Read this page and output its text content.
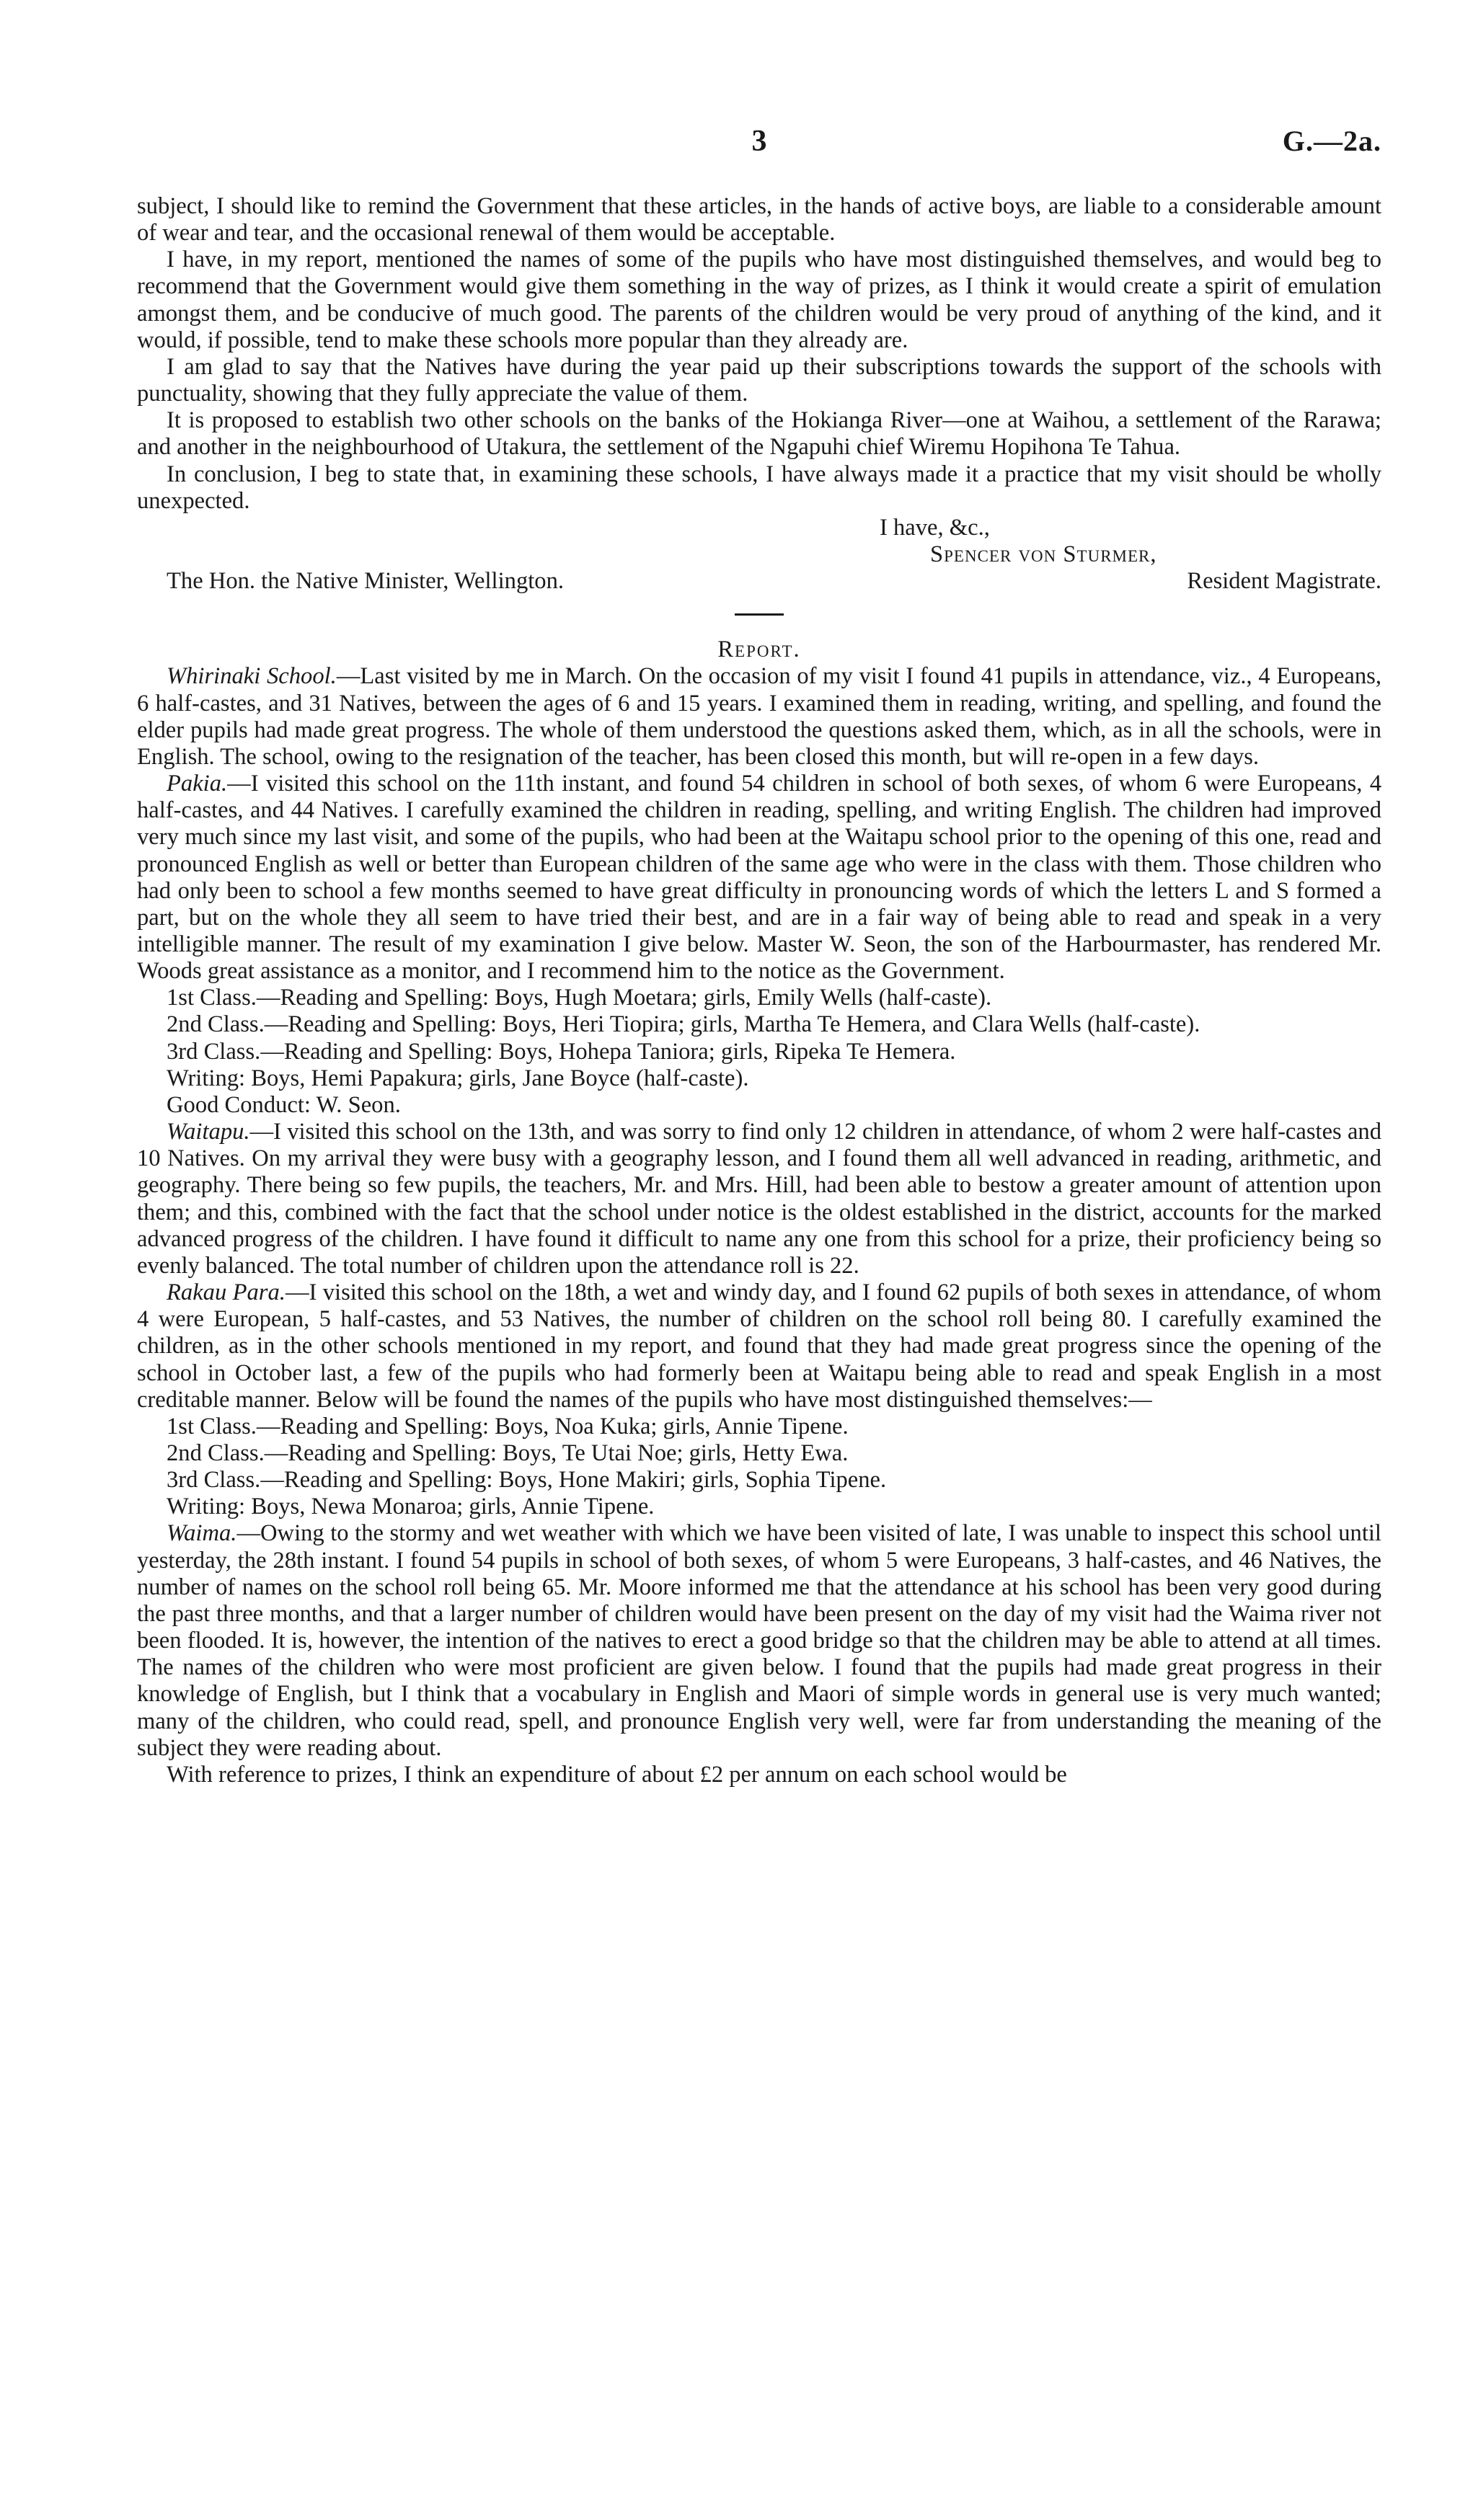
3	G.—2a.

subject, I should like to remind the Government that these articles, in the hands of active boys, are liable to a considerable amount of wear and tear, and the occasional renewal of them would be acceptable.

I have, in my report, mentioned the names of some of the pupils who have most distinguished themselves, and would beg to recommend that the Government would give them something in the way of prizes, as I think it would create a spirit of emulation amongst them, and be conducive of much good. The parents of the children would be very proud of anything of the kind, and it would, if possible, tend to make these schools more popular than they already are.

I am glad to say that the Natives have during the year paid up their subscriptions towards the support of the schools with punctuality, showing that they fully appreciate the value of them.

It is proposed to establish two other schools on the banks of the Hokianga River—one at Waihou, a settlement of the Rarawa; and another in the neighbourhood of Utakura, the settlement of the Ngapuhi chief Wiremu Hopihona Te Tahua.

In conclusion, I beg to state that, in examining these schools, I have always made it a practice that my visit should be wholly unexpected.

I have, &c.,
Spencer von Sturmer,
The Hon. the Native Minister, Wellington.	Resident Magistrate.

Report.

Whirinaki School.—Last visited by me in March. On the occasion of my visit I found 41 pupils in attendance, viz., 4 Europeans, 6 half-castes, and 31 Natives, between the ages of 6 and 15 years. I examined them in reading, writing, and spelling, and found the elder pupils had made great progress. The whole of them understood the questions asked them, which, as in all the schools, were in English. The school, owing to the resignation of the teacher, has been closed this month, but will re-open in a few days.

Pakia.—I visited this school on the 11th instant, and found 54 children in school of both sexes, of whom 6 were Europeans, 4 half-castes, and 44 Natives. I carefully examined the children in reading, spelling, and writing English. The children had improved very much since my last visit, and some of the pupils, who had been at the Waitapu school prior to the opening of this one, read and pronounced English as well or better than European children of the same age who were in the class with them. Those children who had only been to school a few months seemed to have great difficulty in pronouncing words of which the letters L and S formed a part, but on the whole they all seem to have tried their best, and are in a fair way of being able to read and speak in a very intelligible manner. The result of my examination I give below. Master W. Seon, the son of the Harbourmaster, has rendered Mr. Woods great assistance as a monitor, and I recommend him to the notice as the Government.

1st Class.—Reading and Spelling: Boys, Hugh Moetara; girls, Emily Wells (half-caste).

2nd Class.—Reading and Spelling: Boys, Heri Tiopira; girls, Martha Te Hemera, and Clara Wells (half-caste).

3rd Class.—Reading and Spelling: Boys, Hohepa Taniora; girls, Ripeka Te Hemera.

Writing: Boys, Hemi Papakura; girls, Jane Boyce (half-caste).

Good Conduct: W. Seon.

Waitapu.—I visited this school on the 13th, and was sorry to find only 12 children in attendance, of whom 2 were half-castes and 10 Natives. On my arrival they were busy with a geography lesson, and I found them all well advanced in reading, arithmetic, and geography. There being so few pupils, the teachers, Mr. and Mrs. Hill, had been able to bestow a greater amount of attention upon them; and this, combined with the fact that the school under notice is the oldest established in the district, accounts for the marked advanced progress of the children. I have found it difficult to name any one from this school for a prize, their proficiency being so evenly balanced. The total number of children upon the attendance roll is 22.

Rakau Para.—I visited this school on the 18th, a wet and windy day, and I found 62 pupils of both sexes in attendance, of whom 4 were European, 5 half-castes, and 53 Natives, the number of children on the school roll being 80. I carefully examined the children, as in the other schools mentioned in my report, and found that they had made great progress since the opening of the school in October last, a few of the pupils who had formerly been at Waitapu being able to read and speak English in a most creditable manner. Below will be found the names of the pupils who have most distinguished themselves:—

1st Class.—Reading and Spelling: Boys, Noa Kuka; girls, Annie Tipene.

2nd Class.—Reading and Spelling: Boys, Te Utai Noe; girls, Hetty Ewa.

3rd Class.—Reading and Spelling: Boys, Hone Makiri; girls, Sophia Tipene.

Writing: Boys, Newa Monaroa; girls, Annie Tipene.

Waima.—Owing to the stormy and wet weather with which we have been visited of late, I was unable to inspect this school until yesterday, the 28th instant. I found 54 pupils in school of both sexes, of whom 5 were Europeans, 3 half-castes, and 46 Natives, the number of names on the school roll being 65. Mr. Moore informed me that the attendance at his school has been very good during the past three months, and that a larger number of children would have been present on the day of my visit had the Waima river not been flooded. It is, however, the intention of the natives to erect a good bridge so that the children may be able to attend at all times. The names of the children who were most proficient are given below. I found that the pupils had made great progress in their knowledge of English, but I think that a vocabulary in English and Maori of simple words in general use is very much wanted; many of the children, who could read, spell, and pronounce English very well, were far from understanding the meaning of the subject they were reading about.

With reference to prizes, I think an expenditure of about £2 per annum on each school would be
